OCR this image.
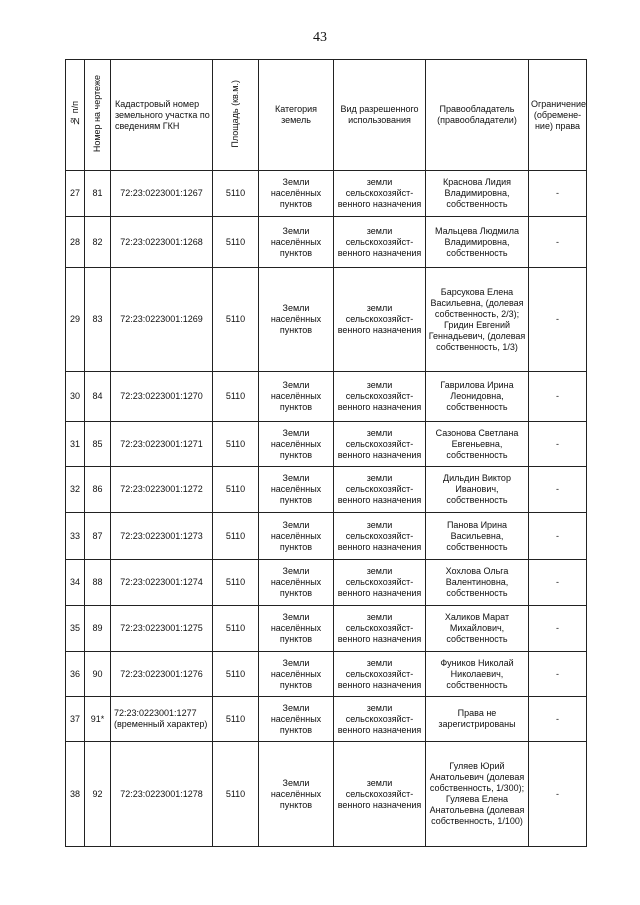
43
№ п/п	Номер на чертеже	Кадастровый номер земельного участка по сведениям ГКН	Площадь (кв.м.)	Категория земель	Вид разрешенного использования	Правообладатель (правообладатели)	Ограничение (обремене-ние) права
27	81	72:23:0223001:1267	5110	Земли населённых пунктов	земли сельскохозяйст-венного назначения	Краснова Лидия Владимировна, собственность	-
28	82	72:23:0223001:1268	5110	Земли населённых пунктов	земли сельскохозяйст-венного назначения	Мальцева Людмила Владимировна, собственность	-
29	83	72:23:0223001:1269	5110	Земли населённых пунктов	земли сельскохозяйст-венного назначения	Барсукова Елена Васильевна, (долевая собственность, 2/3); Гридин Евгений Геннадьевич, (долевая собственность, 1/3)	-
30	84	72:23:0223001:1270	5110	Земли населённых пунктов	земли сельскохозяйст-венного назначения	Гаврилова Ирина Леонидовна, собственность	-
31	85	72:23:0223001:1271	5110	Земли населённых пунктов	земли сельскохозяйст-венного назначения	Сазонова Светлана Евгеньевна, собственность	-
32	86	72:23:0223001:1272	5110	Земли населённых пунктов	земли сельскохозяйст-венного назначения	Дильдин Виктор Иванович, собственность	-
33	87	72:23:0223001:1273	5110	Земли населённых пунктов	земли сельскохозяйст-венного назначения	Панова Ирина Васильевна, собственность	-
34	88	72:23:0223001:1274	5110	Земли населённых пунктов	земли сельскохозяйст-венного назначения	Хохлова Ольга Валентиновна, собственность	-
35	89	72:23:0223001:1275	5110	Земли населённых пунктов	земли сельскохозяйст-венного назначения	Халиков Марат Михайлович, собственность	-
36	90	72:23:0223001:1276	5110	Земли населённых пунктов	земли сельскохозяйст-венного назначения	Фуников Николай Николаевич, собственность	-
37	91*	72:23:0223001:1277 (временный характер)	5110	Земли населённых пунктов	земли сельскохозяйст-венного назначения	Права не зарегистрированы	-
38	92	72:23:0223001:1278	5110	Земли населённых пунктов	земли сельскохозяйст-венного назначения	Гуляев Юрий Анатольевич (долевая собственность, 1/300); Гуляева Елена Анатольевна (долевая собственность, 1/100)	-
